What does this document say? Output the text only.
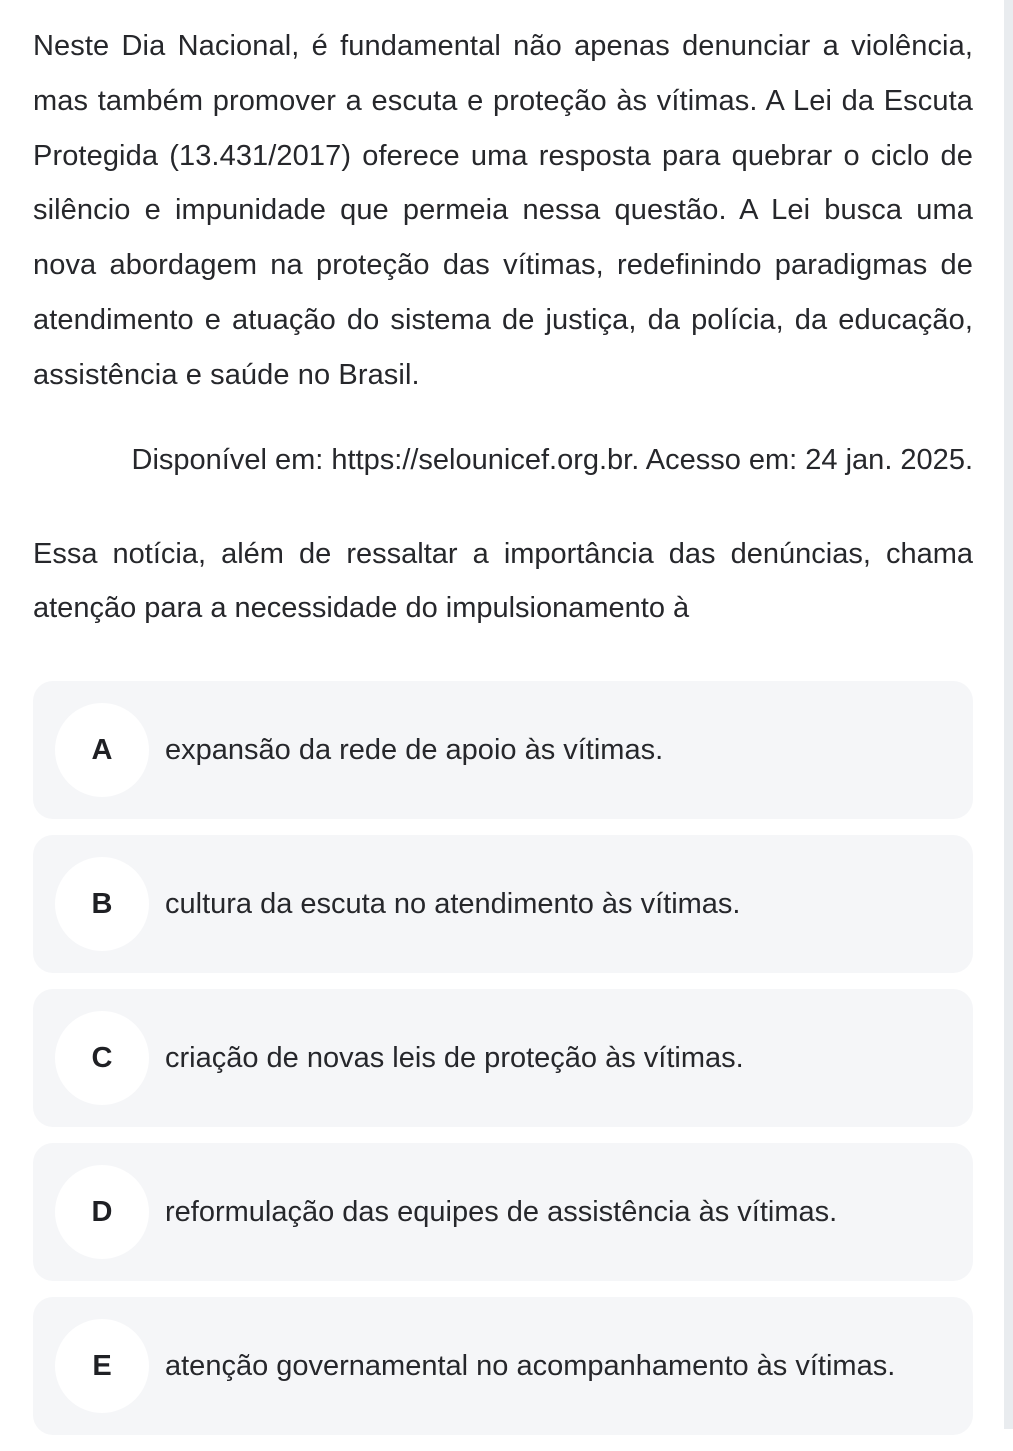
Neste Dia Nacional, é fundamental não apenas denunciar a violência, mas também promover a escuta e proteção às vítimas. A Lei da Escuta Protegida (13.431/2017) oferece uma resposta para quebrar o ciclo de silêncio e impunidade que permeia nessa questão. A Lei busca uma nova abordagem na proteção das vítimas, redefinindo paradigmas de atendimento e atuação do sistema de justiça, da polícia, da educação, assistência e saúde no Brasil.

Disponível em: https://selounicef.org.br. Acesso em: 24 jan. 2025.

Essa notícia, além de ressaltar a importância das denúncias, chama atenção para a necessidade do impulsionamento à

A	expansão da rede de apoio às vítimas.
B	cultura da escuta no atendimento às vítimas.
C	criação de novas leis de proteção às vítimas.
D	reformulação das equipes de assistência às vítimas.
E	atenção governamental no acompanhamento às vítimas.
